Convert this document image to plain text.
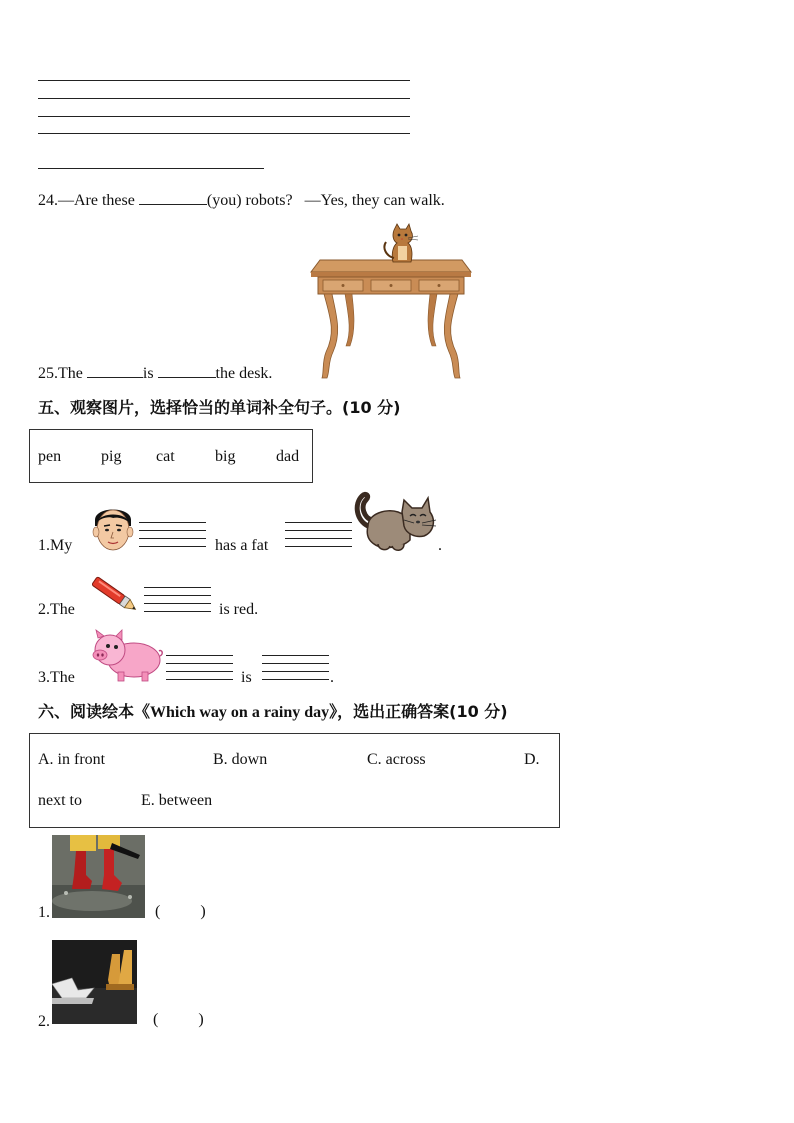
24.—Are these	(you) robots? —Yes, they can walk.
25.The	is	the desk.
五、观察图片，选择恰当的单词补全句子。(10 分)
pen pig cat	big	dad
1.My	has a fat	.
2.The	is red.
3.The	is	.
六、阅读绘本《Which way on a rainy day》，选出正确答案(10 分)
A. in front	B. down	C. across	D.
next to	E. between
1.	(          )
2.	(          )
